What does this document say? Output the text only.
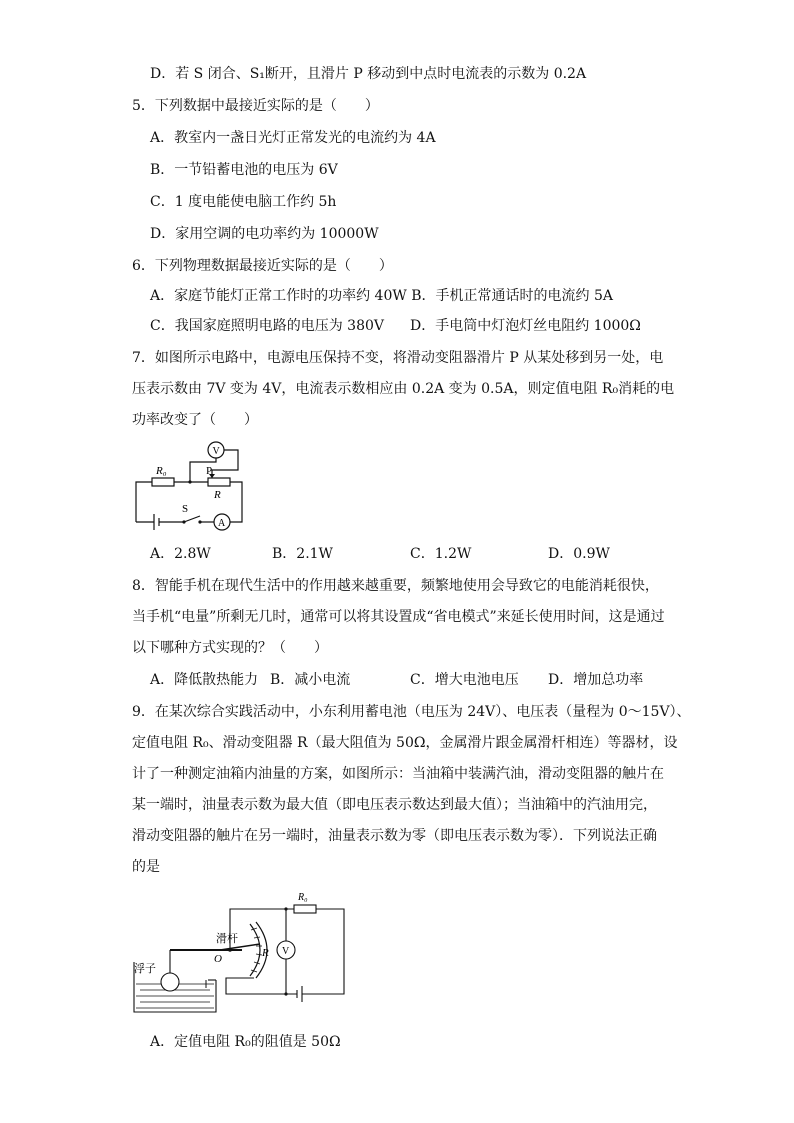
D．若 S 闭合、S₁断开，且滑片 P 移动到中点时电流表的示数为 0.2A
5．下列数据中最接近实际的是（　　）
A．教室内一盏日光灯正常发光的电流约为 4A
B．一节铅蓄电池的电压为 6V
C．1 度电能使电脑工作约 5h
D．家用空调的电功率约为 10000W
6．下列物理数据最接近实际的是（　　）
A．家庭节能灯正常工作时的功率约 40W B．手机正常通话时的电流约 5A
C．我国家庭照明电路的电压为 380V D．手电筒中灯泡灯丝电阻约 1000Ω
7．如图所示电路中，电源电压保持不变，将滑动变阻器滑片 P 从某处移到另一处，电
压表示数由 7V 变为 4V，电流表示数相应由 0.2A 变为 0.5A，则定值电阻 R₀消耗的电
功率改变了（　　）
R₀	P
R
S
V
A
A．2.8W	B．2.1W	C．1.2W	D．0.9W
8．智能手机在现代生活中的作用越来越重要，频繁地使用会导致它的电能消耗很快，
当手机“电量”所剩无几时，通常可以将其设置成“省电模式”来延长使用时间，这是通过
以下哪种方式实现的？（　　）
A．降低散热能力 B．减小电流	C．增大电池电压 D．增加总功率
9．在某次综合实践活动中，小东利用蓄电池（电压为 24V）、电压表（量程为 0～15V）、
定值电阻 R₀、滑动变阻器 R（最大阻值为 50Ω，金属滑片跟金属滑杆相连）等器材，设
计了一种测定油箱内油量的方案，如图所示：当油箱中装满汽油，滑动变阻器的触片在
某一端时，油量表示数为最大值（即电压表示数达到最大值）；当油箱中的汽油用完，
滑动变阻器的触片在另一端时，油量表示数为零（即电压表示数为零）．下列说法正确
的是
R₀
滑杆
O	R V
浮子
A．定值电阻 R₀的阻值是 50Ω
